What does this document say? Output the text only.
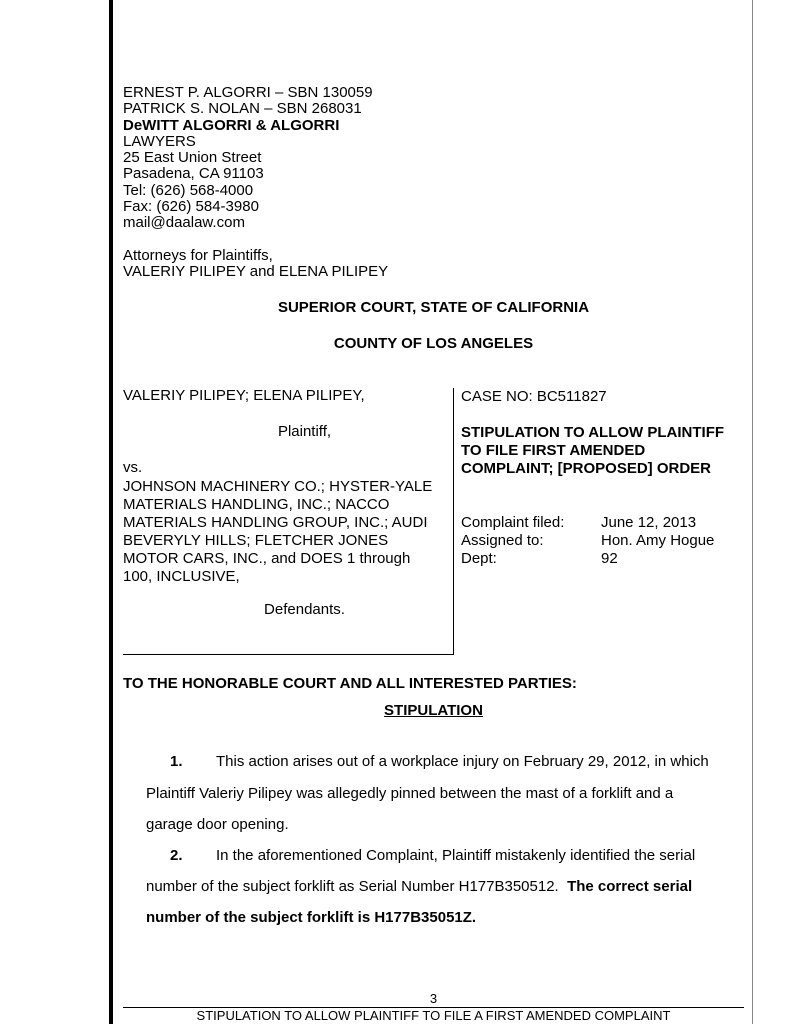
ERNEST P. ALGORRI – SBN 130059
PATRICK S. NOLAN – SBN 268031
DeWITT ALGORRI & ALGORRI
LAWYERS
25 East Union Street
Pasadena, CA 91103
Tel: (626) 568-4000
Fax: (626) 584-3980
mail@daalaw.com
Attorneys for Plaintiffs,
VALERIY PILIPEY and ELENA PILIPEY
SUPERIOR COURT, STATE OF CALIFORNIA
COUNTY OF LOS ANGELES
VALERIY PILIPEY; ELENA PILIPEY,
Plaintiff,
vs.
JOHNSON MACHINERY CO.; HYSTER-YALE
MATERIALS HANDLING, INC.; NACCO
MATERIALS HANDLING GROUP, INC.; AUDI
BEVERYLY HILLS; FLETCHER JONES
MOTOR CARS, INC., and DOES 1 through
100, INCLUSIVE,
Defendants.
CASE NO: BC511827
STIPULATION TO ALLOW PLAINTIFF
TO FILE FIRST AMENDED
COMPLAINT; [PROPOSED] ORDER
Complaint filed:	June 12, 2013
Assigned to:	Hon. Amy Hogue
Dept:	92
TO THE HONORABLE COURT AND ALL INTERESTED PARTIES:
STIPULATION
1. This action arises out of a workplace injury on February 29, 2012, in which
Plaintiff Valeriy Pilipey was allegedly pinned between the mast of a forklift and a
garage door opening.
2. In the aforementioned Complaint, Plaintiff mistakenly identified the serial
number of the subject forklift as Serial Number H177B350512.  The correct serial
number of the subject forklift is H177B35051Z.
3
STIPULATION TO ALLOW PLAINTIFF TO FILE A FIRST AMENDED COMPLAINT
